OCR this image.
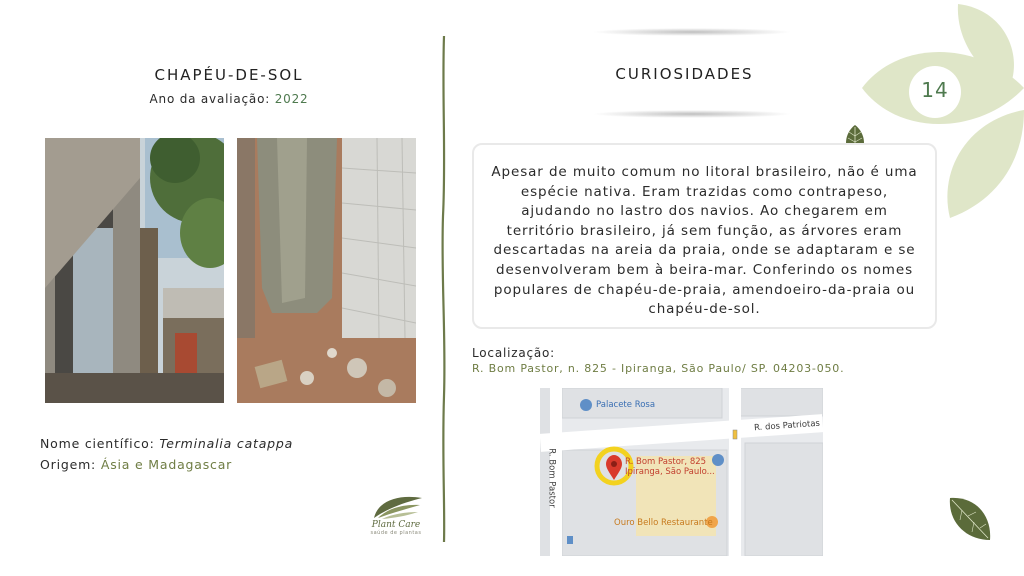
CHAPÉU-DE-SOL
Ano da avaliação: 2022
Nome científico: Terminalia catappa
Origem: Ásia e Madagascar
Plant Care
saúde de plantas
CURIOSIDADES
14

Apesar de muito comum no litoral brasileiro, não é uma espécie nativa. Eram trazidas como contrapeso, ajudando no lastro dos navios. Ao chegarem em território brasileiro, já sem função, as árvores eram descartadas na areia da praia, onde se adaptaram e se desenvolveram bem à beira-mar. Conferindo os nomes populares de chapéu-de-praia, amendoeiro-da-praia ou chapéu-de-sol.

Localização:
R. Bom Pastor, n. 825 - Ipiranga, São Paulo/ SP. 04203-050.
Palacete Rosa
R. dos Patriotas
R. Bom Pastor, 825
Ipiranga, São Paulo...
R. Bom Pastor
Ouro Bello Restaurante
